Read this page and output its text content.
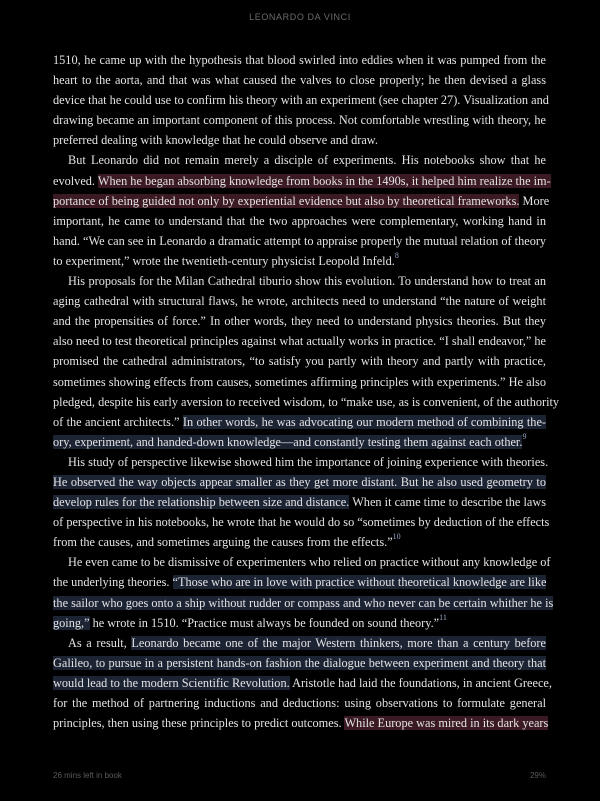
LEONARDO DA VINCI
1510, he came up with the hypothesis that blood swirled into eddies when it was pumped from the
heart to the aorta, and that was what caused the valves to close properly; he then devised a glass
device that he could use to confirm his theory with an experiment (see chapter 27). Visualization and
drawing became an important component of this process. Not comfortable wrestling with theory, he
preferred dealing with knowledge that he could observe and draw.
But Leonardo did not remain merely a disciple of experiments. His notebooks show that he
evolved. When he began absorbing knowledge from books in the 1490s, it helped him realize the im-
portance of being guided not only by experiential evidence but also by theoretical frameworks. More
important, he came to understand that the two approaches were complementary, working hand in
hand. “We can see in Leonardo a dramatic attempt to appraise properly the mutual relation of theory
to experiment,” wrote the twentieth-century physicist Leopold Infeld.$^8$
His proposals for the Milan Cathedral tiburio show this evolution. To understand how to treat an
aging cathedral with structural flaws, he wrote, architects need to understand “the nature of weight
and the propensities of force.” In other words, they need to understand physics theories. But they
also need to test theoretical principles against what actually works in practice. “I shall endeavor,” he
promised the cathedral administrators, “to satisfy you partly with theory and partly with practice,
sometimes showing effects from causes, sometimes affirming principles with experiments.” He also
pledged, despite his early aversion to received wisdom, to “make use, as is convenient, of the authority
of the ancient architects.” In other words, he was advocating our modern method of combining the-
ory, experiment, and handed-down knowledge—and constantly testing them against each other.$^9$
His study of perspective likewise showed him the importance of joining experience with theories.
He observed the way objects appear smaller as they get more distant. But he also used geometry to
develop rules for the relationship between size and distance. When it came time to describe the laws
of perspective in his notebooks, he wrote that he would do so “sometimes by deduction of the effects
from the causes, and sometimes arguing the causes from the effects.”$^{10}$
He even came to be dismissive of experimenters who relied on practice without any knowledge of
the underlying theories. “Those who are in love with practice without theoretical knowledge are like
the sailor who goes onto a ship without rudder or compass and who never can be certain whither he is
going,” he wrote in 1510. “Practice must always be founded on sound theory.”$^{11}$
As a result, Leonardo became one of the major Western thinkers, more than a century before
Galileo, to pursue in a persistent hands-on fashion the dialogue between experiment and theory that
would lead to the modern Scientific Revolution. Aristotle had laid the foundations, in ancient Greece,
for the method of partnering inductions and deductions: using observations to formulate general
principles, then using these principles to predict outcomes. While Europe was mired in its dark years
26 mins left in book	29%
